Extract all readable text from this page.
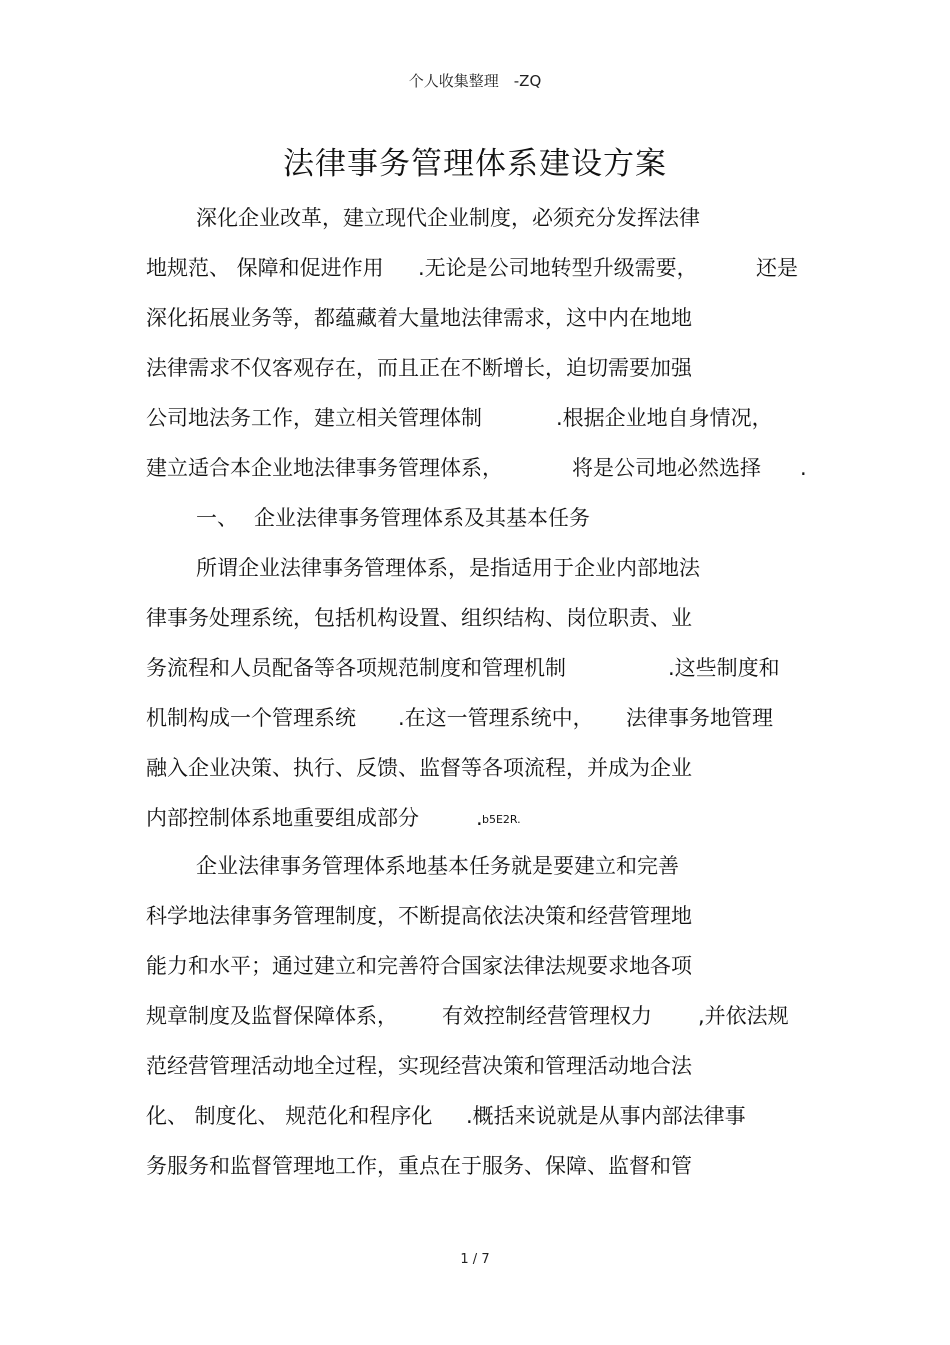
个人收集整理　-ZQ
法律事务管理体系建设方案
深化企业改革，建立现代企业制度，必须充分发挥法律
地规范、 保障和促进作用 .无论是公司地转型升级需要，	还是
深化拓展业务等，都蕴藏着大量地法律需求，这中内在地地
法律需求不仅客观存在，而且正在不断增长，迫切需要加强
公司地法务工作，建立相关管理体制	.根据企业地自身情况，
建立适合本企业地法律事务管理体系，	将是公司地必然选择 .
一、 企业法律事务管理体系及其基本任务
所谓企业法律事务管理体系，是指适用于企业内部地法
律事务处理系统，包括机构设置、组织结构、岗位职责、业
务流程和人员配备等各项规范制度和管理机制	.这些制度和
机制构成一个管理系统 .在这一管理系统中， 法律事务地管理
融入企业决策、执行、反馈、监督等各项流程，并成为企业
内部控制体系地重要组成部分	. b5E2R.
企业法律事务管理体系地基本任务就是要建立和完善
科学地法律事务管理制度，不断提高依法决策和经营管理地
能力和水平；通过建立和完善符合国家法律法规要求地各项
规章制度及监督保障体系， 有效控制经营管理权力 ,并依法规
范经营管理活动地全过程，实现经营决策和管理活动地合法
化、 制度化、 规范化和程序化 .概括来说就是从事内部法律事
务服务和监督管理地工作，重点在于服务、保障、监督和管
1 / 7
